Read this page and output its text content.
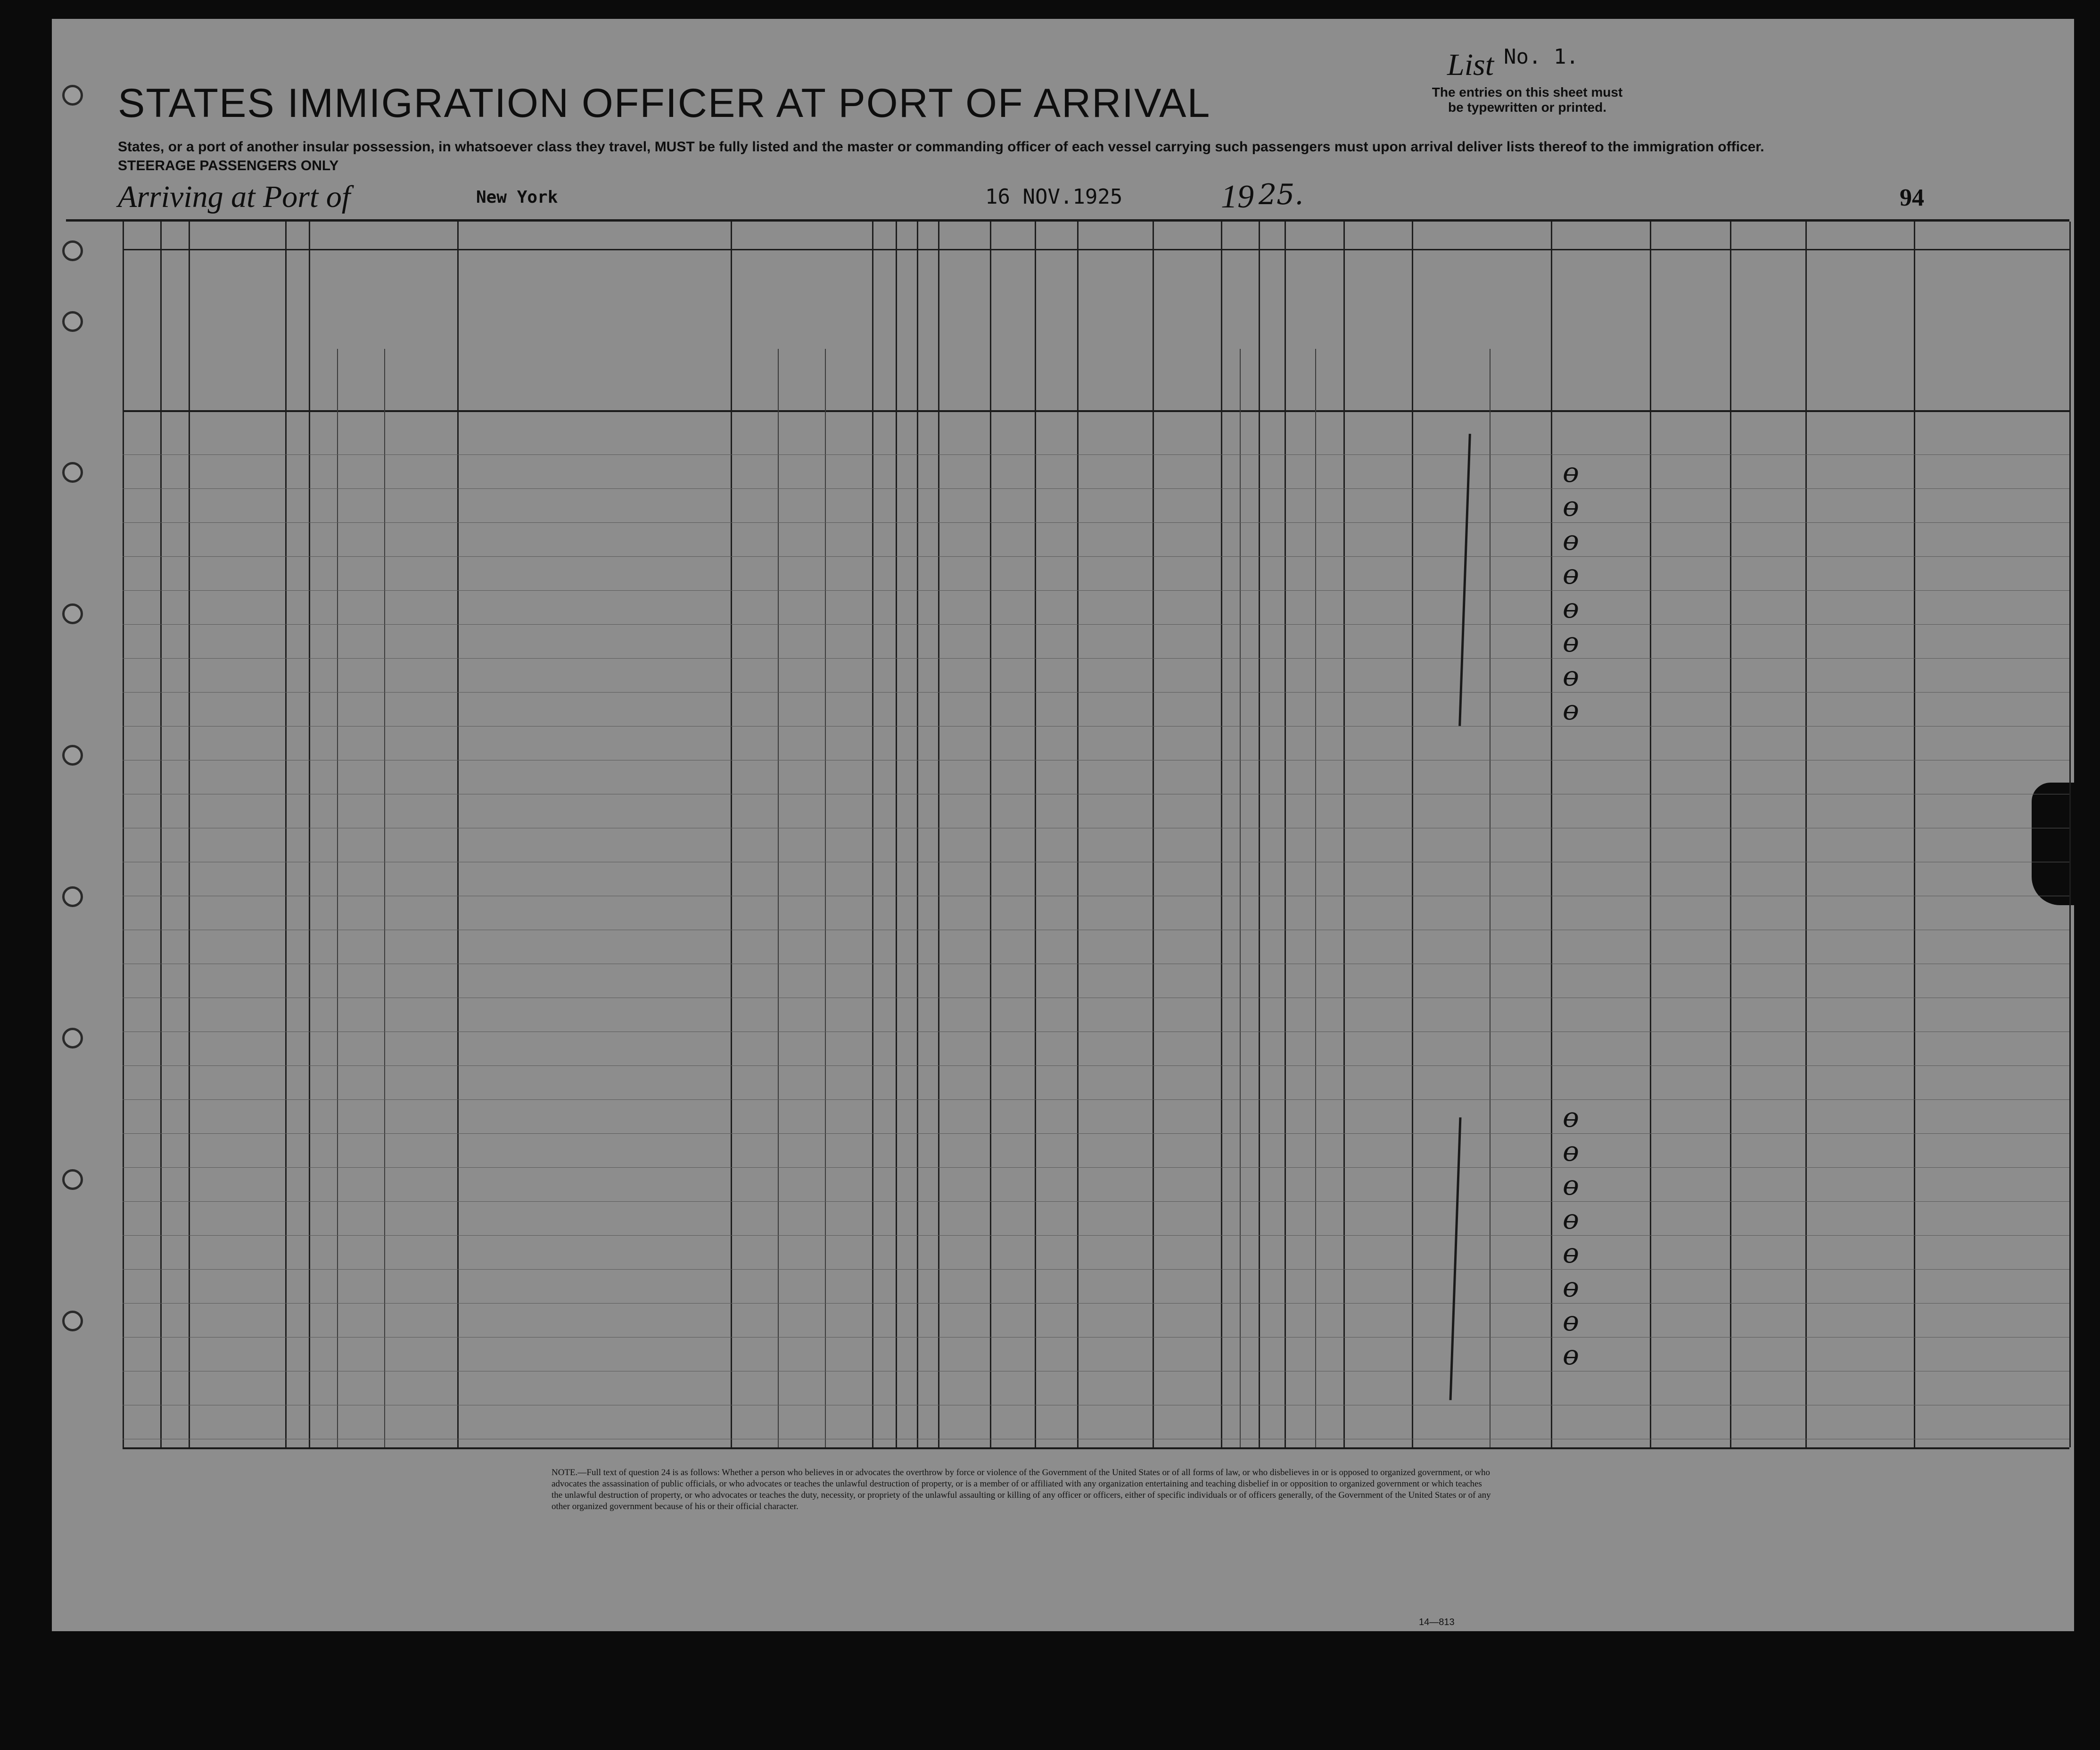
STATES IMMIGRATION OFFICER AT PORT OF ARRIVAL
States, or a port of another insular possession, in whatsoever class they travel, MUST be fully listed and the master or commanding officer of each vessel carrying such passengers must upon arrival deliver lists thereof to the immigration officer.
STEERAGE PASSENGERS ONLY
List No. 1.
The entries on this sheet must be typewritten or printed.
Arriving at Port of	New York	16 NOV.1925	19 25.	94
ɵ
ɵ
ɵ
ɵ
ɵ
ɵ
ɵ
ɵ
ɵ
ɵ
ɵ
ɵ
ɵ
ɵ
ɵ
ɵ
NOTE.—Full text of question 24 is as follows: Whether a person who believes in or advocates the overthrow by force or violence of the Government of the United States or of all forms of law, or who disbelieves in or is opposed to organized government, or who advocates the assassination of public officials, or who advocates or teaches the unlawful destruction of property, or is a member of or affiliated with any organization entertaining and teaching disbelief in or opposition to organized government or which teaches the unlawful destruction of property, or who advocates or teaches the duty, necessity, or propriety of the unlawful assaulting or killing of any officer or officers, either of specific individuals or of officers generally, of the Government of the United States or of any other organized government because of his or their official character.
14—813
